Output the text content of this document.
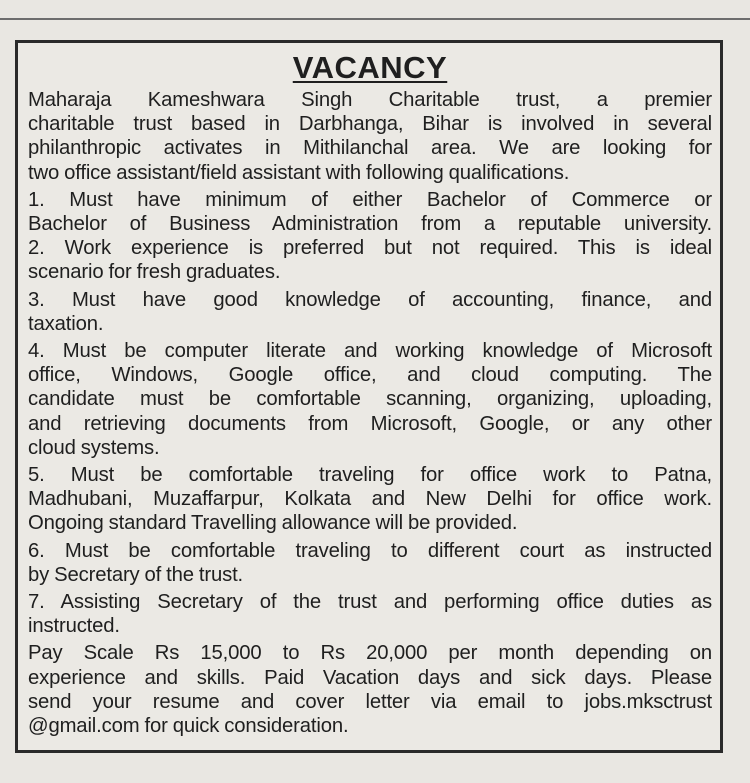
VACANCY

Maharaja Kameshwara Singh Charitable trust, a premier
charitable trust based in Darbhanga, Bihar is involved in several
philanthropic activates in Mithilanchal area. We are looking for
two office assistant/field assistant with following qualifications.

1. Must have minimum of either Bachelor of Commerce or
Bachelor of Business Administration from a reputable university.
2. Work experience is preferred but not required. This is ideal
scenario for fresh graduates.

3. Must have good knowledge of accounting, finance, and
taxation.

4. Must be computer literate and working knowledge of Microsoft
office, Windows, Google office, and cloud computing. The
candidate must be comfortable scanning, organizing, uploading,
and retrieving documents from Microsoft, Google, or any other
cloud systems.

5. Must be comfortable traveling for office work to Patna,
Madhubani, Muzaffarpur, Kolkata and New Delhi for office work.
Ongoing standard Travelling allowance will be provided.

6. Must be comfortable traveling to different court as instructed
by Secretary of the trust.

7. Assisting Secretary of the trust and performing office duties as
instructed.

Pay Scale Rs 15,000 to Rs 20,000 per month depending on
experience and skills. Paid Vacation days and sick days. Please
send your resume and cover letter via email to jobs.mksctrust
@gmail.com for quick consideration.
